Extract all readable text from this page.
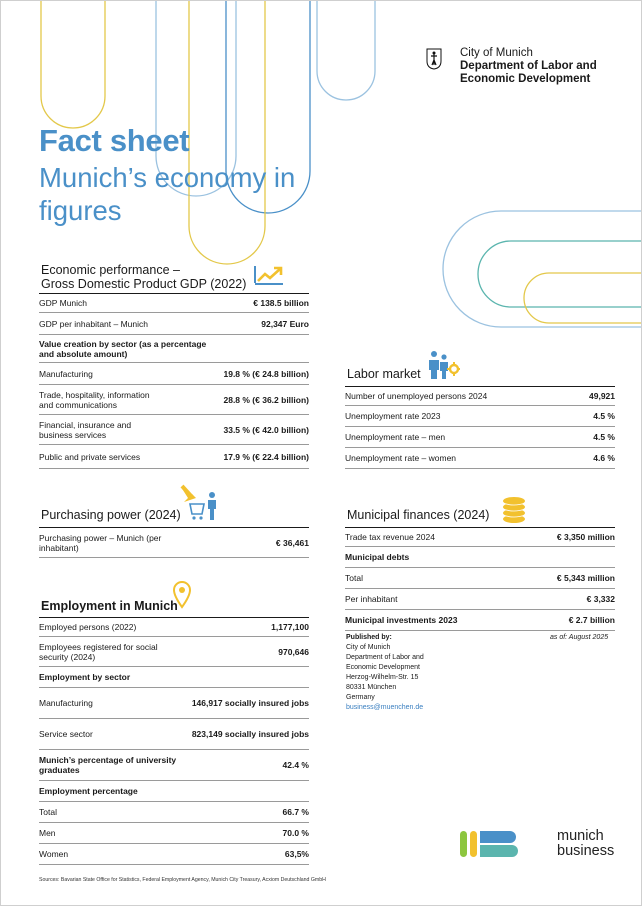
City of Munich
Department of Labor and
Economic Development
Fact sheet
Munich’s economy in figures
Economic performance –
Gross Domestic Product GDP (2022)
GDP Munich	€ 138.5 billion
GDP per inhabitant – Munich	92,347 Euro
Value creation by sector (as a percentage and absolute amount)	
Manufacturing	19.8 % (€ 24.8 billion)
Trade, hospitality, information and communications	28.8 % (€ 36.2 billion)
Financial, insurance and business services	33.5 % (€ 42.0 billion)
Public and private services	17.9 % (€ 22.4 billion)
Labor market
Number of unemployed persons 2024	49,921
Unemployment rate 2023	4.5 %
Unemployment rate – men	4.5 %
Unemployment rate – women	4.6 %
Purchasing power (2024)
Purchasing power – Munich (per inhabitant)	€ 36,461
Municipal finances (2024)
Trade tax revenue 2024	€ 3,350 million
Municipal debts	
Total	€ 5,343 million
Per inhabitant	€ 3,332
Municipal investments 2023	€ 2.7 billion
Employment in Munich
Employed persons (2022)	1,177,100
Employees registered for social security (2024)	970,646
Employment by sector	
Manufacturing	146,917 socially insured jobs
Service sector	823,149 socially insured jobs
Munich’s percentage of university graduates	42.4 %
Employment percentage	
Total	66.7 %
Men	70.0 %
Women	63,5%
Published by:
City of Munich
Department of Labor and
Economic Development
Herzog-Wilhelm-Str. 15
80331 München
Germany
business@muenchen.de
as of: August 2025
munich
business
Sources: Bavarian State Office for Statistics, Federal Employment Agency, Munich City Treasury, Acxiom Deutschland GmbH
